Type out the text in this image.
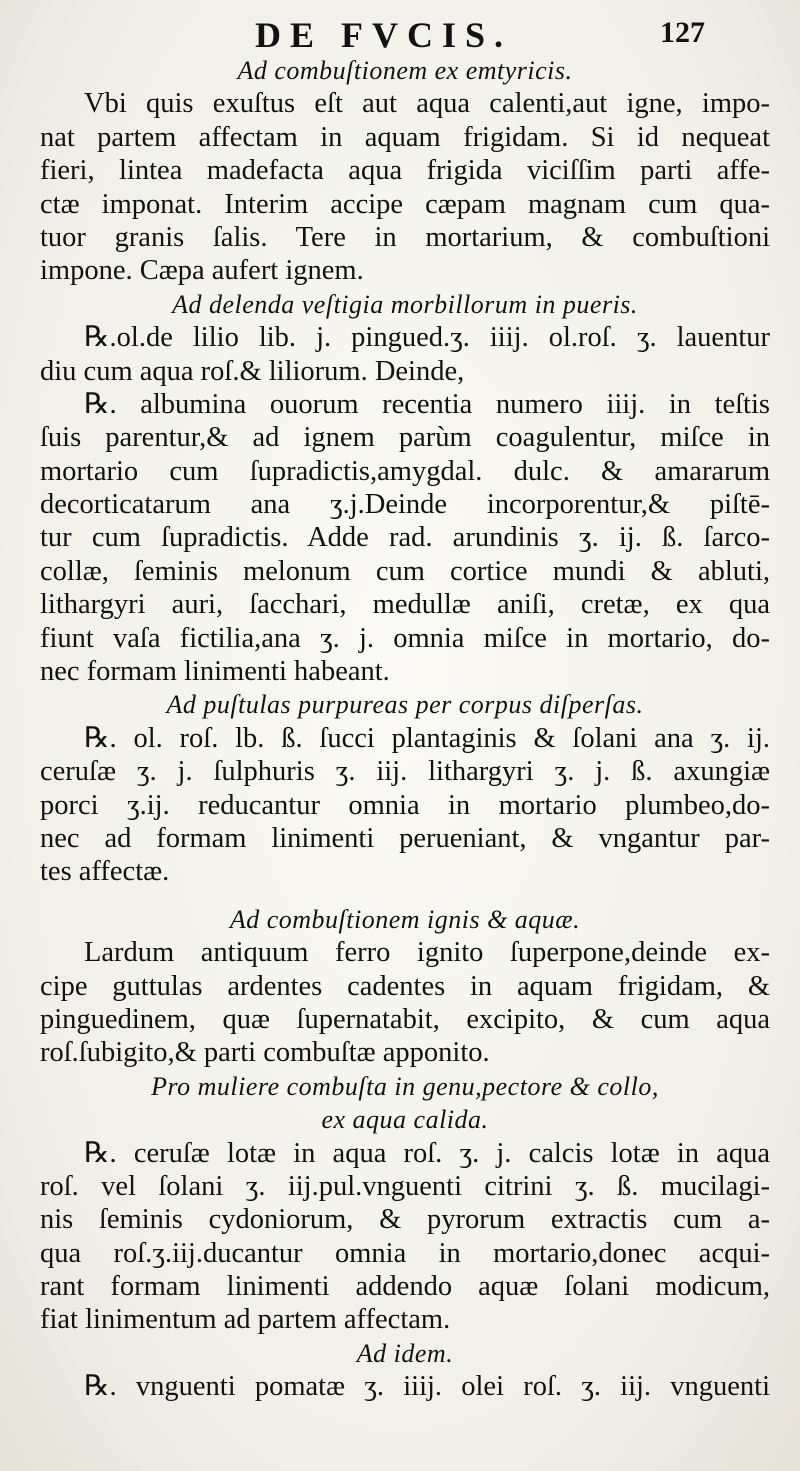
DE FVCIS.	127
Ad combuſtionem ex emtyricis.
Vbi quis exuſtus eſt aut aqua calenti,aut igne, impo-
nat partem affectam in aquam frigidam. Si id nequeat
fieri, lintea madefacta aqua frigida viciſſim parti affe-
ctæ imponat. Interim accipe cæpam magnam cum qua-
tuor granis ſalis. Tere in mortarium, & combuſtioni
impone. Cæpa aufert ignem.
Ad delenda veſtigia morbillorum in pueris.
℞.ol.de lilio lib. j. pingued.ʒ. iiij. ol.roſ. ʒ. lauentur
diu cum aqua roſ.& liliorum. Deinde,
℞. albumina ouorum recentia numero iiij. in teſtis
ſuis parentur,& ad ignem parùm coagulentur, miſce in
mortario cum ſupradictis,amygdal. dulc. & amararum
decorticatarum ana ʒ.j.Deinde incorporentur,& piſtē-
tur cum ſupradictis. Adde rad. arundinis ʒ. ij. ß. ſarco-
collæ, ſeminis melonum cum cortice mundi & abluti,
lithargyri auri, ſacchari, medullæ aniſi, cretæ, ex qua
fiunt vaſa fictilia,ana ʒ. j. omnia miſce in mortario, do-
nec formam linimenti habeant.
Ad puſtulas purpureas per corpus diſperſas.
℞. ol. roſ. lb. ß. ſucci plantaginis & ſolani ana ʒ. ij.
ceruſæ ʒ. j. ſulphuris ʒ. iij. lithargyri ʒ. j. ß. axungiæ
porci ʒ.ij. reducantur omnia in mortario plumbeo,do-
nec ad formam linimenti perueniant, & vngantur par-
tes affectæ.
Ad combuſtionem ignis & aquæ.
Lardum antiquum ferro ignito ſuperpone,deinde ex-
cipe guttulas ardentes cadentes in aquam frigidam, &
pinguedinem, quæ ſupernatabit, excipito, & cum aqua
roſ.ſubigito,& parti combuſtæ apponito.
Pro muliere combuſta in genu,pectore & collo,
ex aqua calida.
℞. ceruſæ lotæ in aqua roſ. ʒ. j. calcis lotæ in aqua
roſ. vel ſolani ʒ. iij.pul.vnguenti citrini ʒ. ß. mucilagi-
nis ſeminis cydoniorum, & pyrorum extractis cum a-
qua roſ.ʒ.iij.ducantur omnia in mortario,donec acqui-
rant formam linimenti addendo aquæ ſolani modicum,
fiat linimentum ad partem affectam.
Ad idem.
℞. vnguenti pomatæ ʒ. iiij. olei roſ. ʒ. iij. vnguenti
